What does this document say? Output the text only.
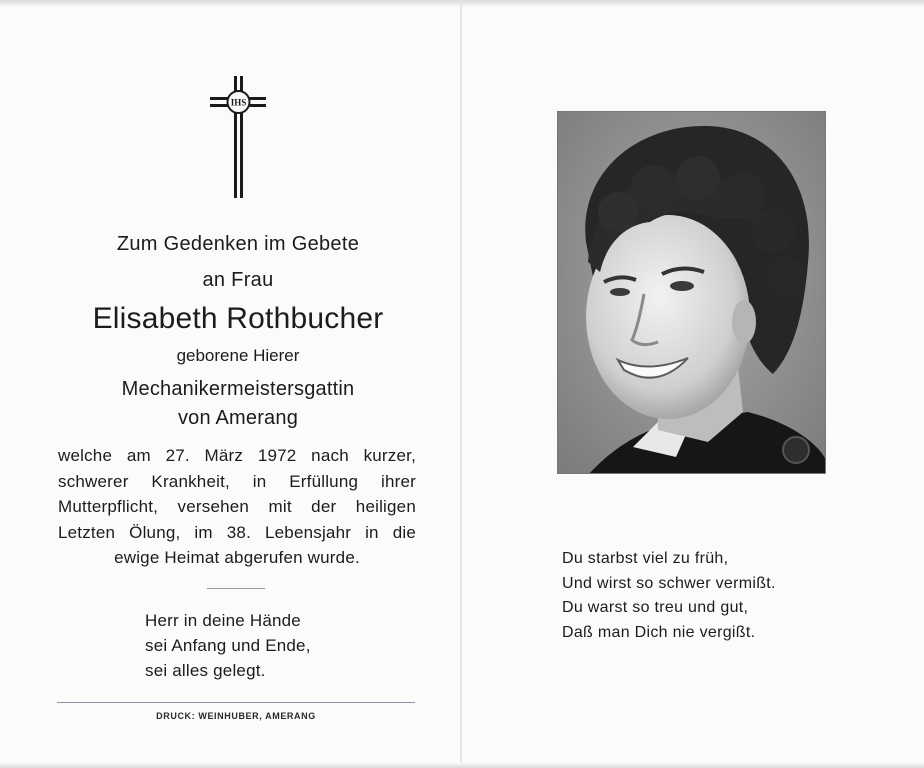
IHS
Zum Gedenken im Gebete
an Frau
Elisabeth Rothbucher
geborene Hierer
Mechanikermeistersgattin
von Amerang
welche am 27. März 1972 nach kurzer,
schwerer Krankheit, in Erfüllung ihrer
Mutterpflicht, versehen mit der heiligen
Letzten Ölung, im 38. Lebensjahr in die
ewige Heimat abgerufen wurde.
Herr in deine Hände
sei Anfang und Ende,
sei alles gelegt.
DRUCK: WEINHUBER, AMERANG
Du starbst viel zu früh,
Und wirst so schwer vermißt.
Du warst so treu und gut,
Daß man Dich nie vergißt.
